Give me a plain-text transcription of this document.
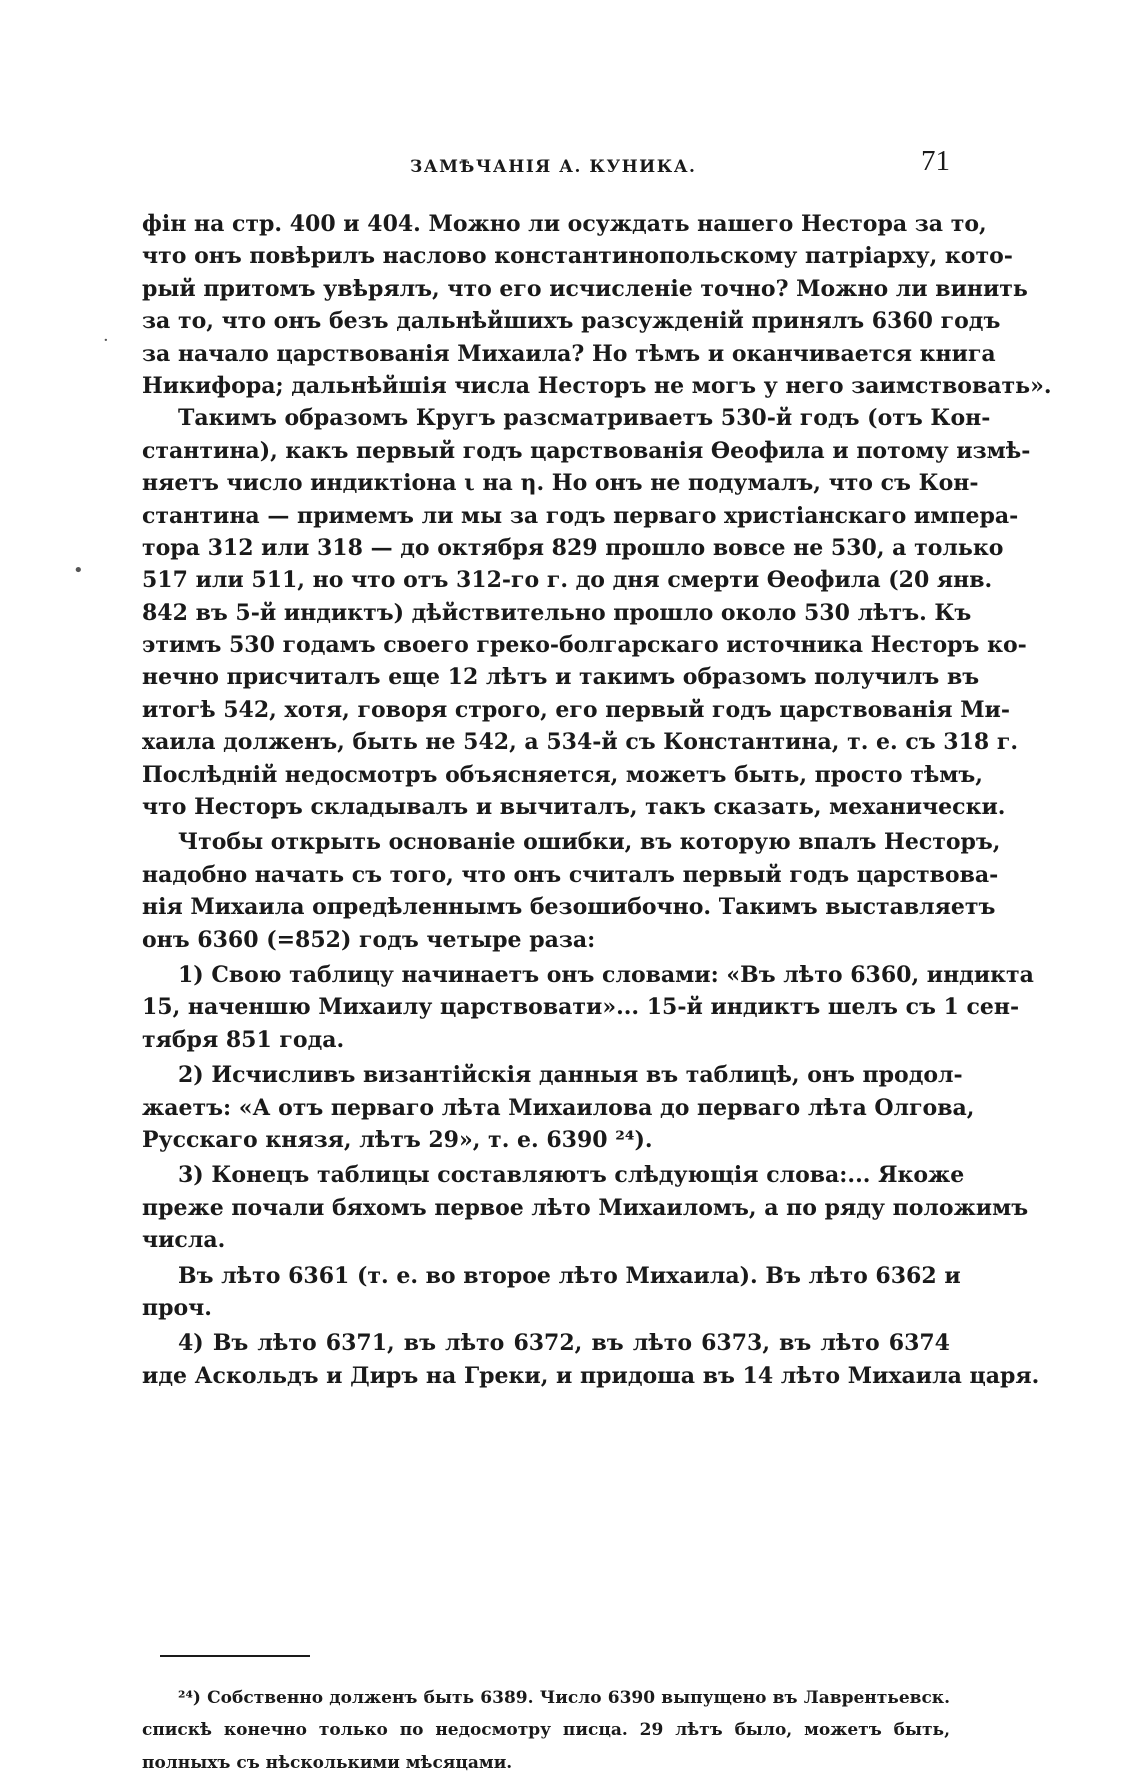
ЗАМѢЧАНІЯ А. КУНИКА.	71
фін на стр. 400 и 404. Можно ли осуждать нашего Нестора за то,
что онъ повѣрилъ наслово константинопольскому патріарху, кото-
рый притомъ увѣрялъ, что его исчисленіе точно? Можно ли винить
за то, что онъ безъ дальнѣйшихъ разсужденій принялъ 6360 годъ
за начало царствованія Михаила? Но тѣмъ и оканчивается книга
Никифора; дальнѣйшія числа Несторъ не могъ у него заимствовать».
Такимъ образомъ Кругъ разсматриваетъ 530-й годъ (отъ Кон-
стантина), какъ первый годъ царствованія Ѳеофила и потому измѣ-
няетъ число индиктіона ι на η. Но онъ не подумалъ, что съ Кон-
стантина — примемъ ли мы за годъ перваго христіанскаго импера-
тора 312 или 318 — до октября 829 прошло вовсе не 530, а только
517 или 511, но что отъ 312-го г. до дня смерти Ѳеофила (20 янв.
842 въ 5-й индиктъ) дѣйствительно прошло около 530 лѣтъ. Къ
этимъ 530 годамъ своего греко-болгарскаго источника Несторъ ко-
нечно присчиталъ еще 12 лѣтъ и такимъ образомъ получилъ въ
итогѣ 542, хотя, говоря строго, его первый годъ царствованія Ми-
хаила долженъ, быть не 542, а 534-й съ Константина, т. е. съ 318 г.
Послѣдній недосмотръ объясняется, можетъ быть, просто тѣмъ,
что Несторъ складывалъ и вычиталъ, такъ сказать, механически.
Чтобы открыть основаніе ошибки, въ которую впалъ Несторъ,
надобно начать съ того, что онъ считалъ первый годъ царствова-
нія Михаила опредѣленнымъ безошибочно. Такимъ выставляетъ
онъ 6360 (=852) годъ четыре раза:
1) Свою таблицу начинаетъ онъ словами: «Въ лѣто 6360, индикта
15, наченшю Михаилу царствовати»... 15-й индиктъ шелъ съ 1 сен-
тября 851 года.
2) Исчисливъ византійскія данныя въ таблицѣ, онъ продол-
жаетъ: «А отъ перваго лѣта Михаилова до перваго лѣта Олгова,
Русскаго князя, лѣтъ 29», т. е. 6390 ²⁴).
3) Конецъ таблицы составляютъ слѣдующія слова:... Якоже
преже почали бяхомъ первое лѣто Михаиломъ, а по ряду положимъ
числа.
Въ лѣто 6361 (т. е. во второе лѣто Михаила). Въ лѣто 6362 и
проч.
4) Въ лѣто 6371, въ лѣто 6372, въ лѣто 6373, въ лѣто 6374
иде Аскольдъ и Диръ на Греки, и придоша въ 14 лѣто Михаила царя.
²⁴) Собственно долженъ быть 6389. Число 6390 выпущено въ Лаврентьевск.
спискѣ конечно только по недосмотру писца. 29 лѣтъ было, можетъ быть,
полныхъ съ нѣсколькими мѣсяцами.
·
•
